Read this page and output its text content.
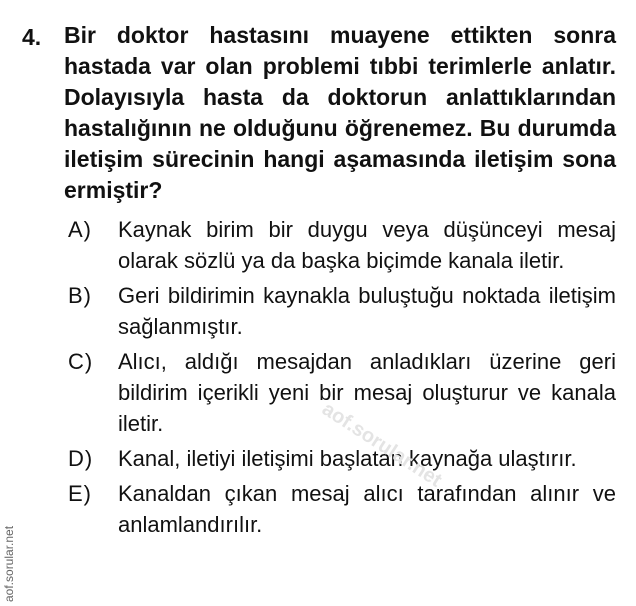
4. Bir doktor hastasını muayene ettikten sonra hastada var olan problemi tıbbi terimlerle anlatır. Dolayısıyla hasta da doktorun anlattıklarından hastalığının ne olduğunu öğrenemez. Bu durumda iletişim sürecinin hangi aşamasında iletişim sona ermiştir?
A)	Kaynak birim bir duygu veya düşünceyi mesaj olarak sözlü ya da başka biçimde kanala iletir.
B)	Geri bildirimin kaynakla buluştuğu noktada iletişim sağlanmıştır.
C)	Alıcı, aldığı mesajdan anladıkları üzerine geri bildirim içerikli yeni bir mesaj oluşturur ve kanala iletir.
D)	Kanal, iletiyi iletişimi başlatan kaynağa ulaştırır.
E)	Kanaldan çıkan mesaj alıcı tarafından alınır ve anlamlandırılır.
aof.sorular.net
aof.sorular.net
